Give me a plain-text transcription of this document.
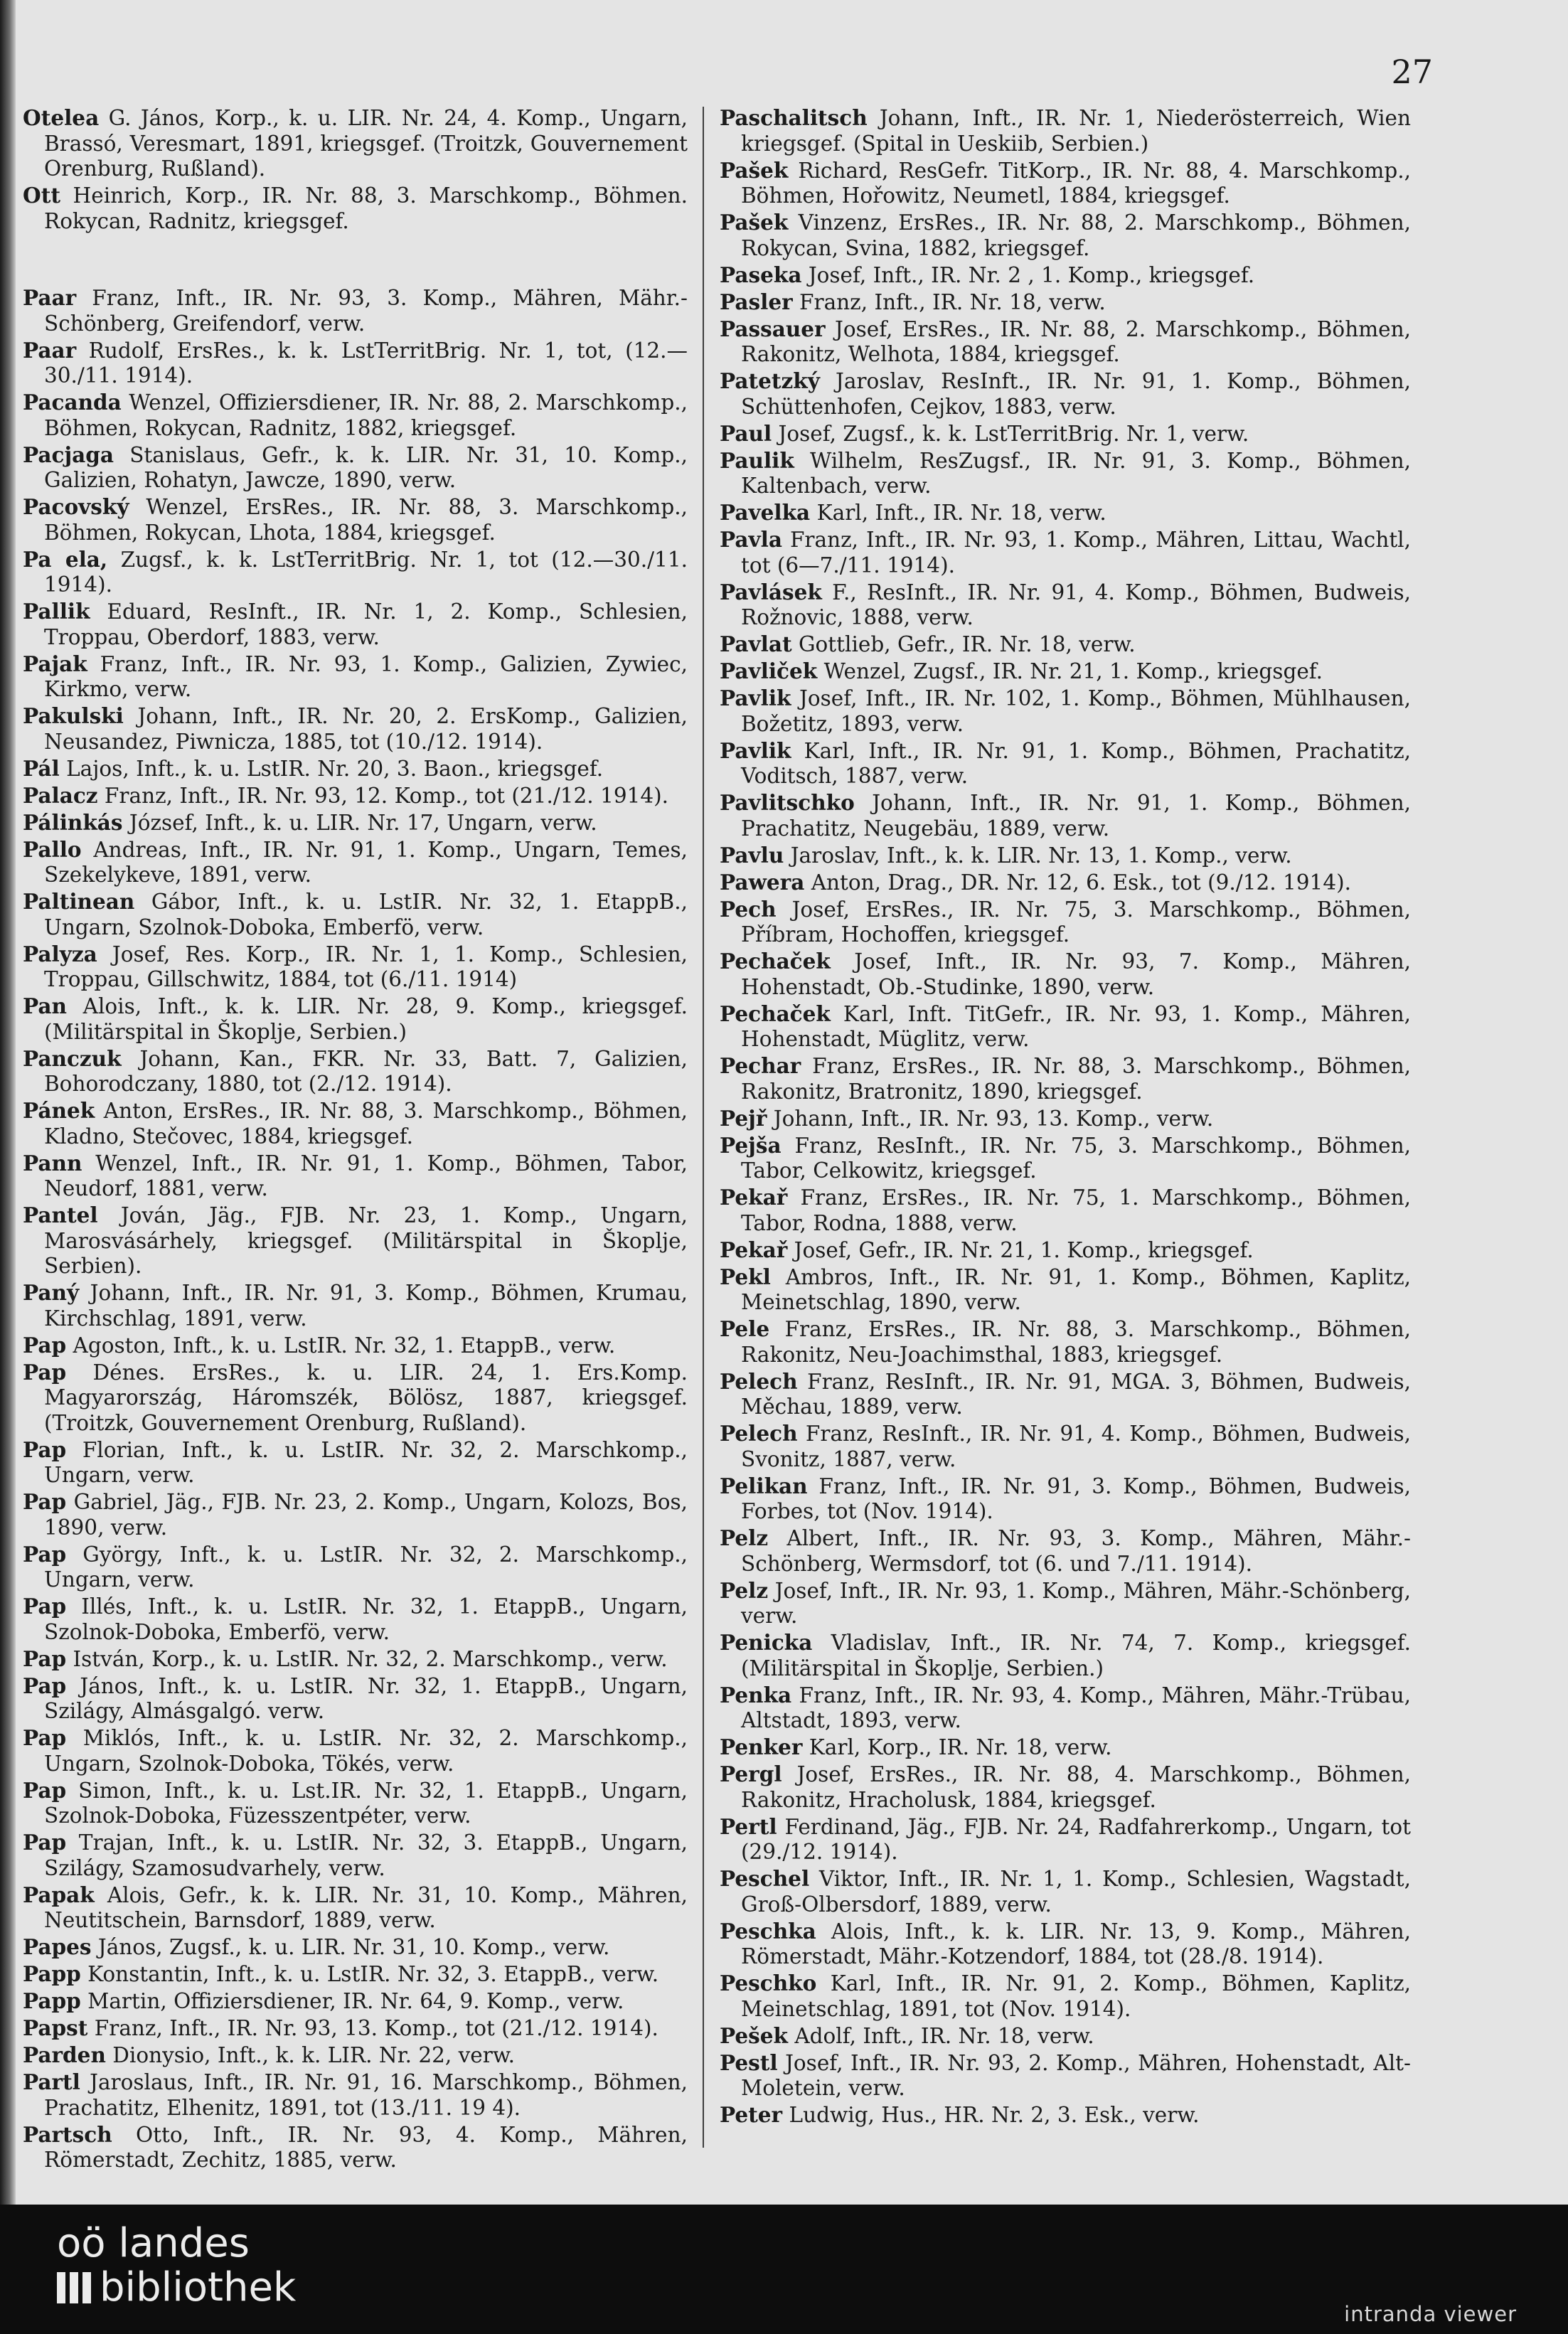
27

Otelea G. János, Korp., k. u. LIR. Nr. 24, 4. Komp., Ungarn, Brassó, Veresmart, 1891, kriegsgef. (Troitzk, Gouvernement Orenburg, Rußland).

Ott Heinrich, Korp., IR. Nr. 88, 3. Marschkomp., Böhmen. Rokycan, Radnitz, kriegsgef.

Paar Franz, Inft., IR. Nr. 93, 3. Komp., Mähren, Mähr.-Schönberg, Greifendorf, verw.

Paar Rudolf, ErsRes., k. k. LstTerritBrig. Nr. 1, tot, (12.—30./11. 1914).

Pacanda Wenzel, Offiziersdiener, IR. Nr. 88, 2. Marschkomp., Böhmen, Rokycan, Radnitz, 1882, kriegsgef.

Pacjaga Stanislaus, Gefr., k. k. LIR. Nr. 31, 10. Komp., Galizien, Rohatyn, Jawcze, 1890, verw.

Pacovský Wenzel, ErsRes., IR. Nr. 88, 3. Marschkomp., Böhmen, Rokycan, Lhota, 1884, kriegsgef.

Pa ela, Zugsf., k. k. LstTerritBrig. Nr. 1, tot (12.—30./11. 1914).

Pallik Eduard, ResInft., IR. Nr. 1, 2. Komp., Schlesien, Troppau, Oberdorf, 1883, verw.

Pajak Franz, Inft., IR. Nr. 93, 1. Komp., Galizien, Zywiec, Kirkmo, verw.

Pakulski Johann, Inft., IR. Nr. 20, 2. ErsKomp., Galizien, Neusandez, Piwnicza, 1885, tot (10./12. 1914).

Pál Lajos, Inft., k. u. LstIR. Nr. 20, 3. Baon., kriegsgef.

Palacz Franz, Inft., IR. Nr. 93, 12. Komp., tot (21./12. 1914).

Pálinkás József, Inft., k. u. LIR. Nr. 17, Ungarn, verw.

Pallo Andreas, Inft., IR. Nr. 91, 1. Komp., Ungarn, Temes, Szekelykeve, 1891, verw.

Paltinean Gábor, Inft., k. u. LstIR. Nr. 32, 1. EtappB., Ungarn, Szolnok-Doboka, Emberfö, verw.

Palyza Josef, Res. Korp., IR. Nr. 1, 1. Komp., Schlesien, Troppau, Gillschwitz, 1884, tot (6./11. 1914)

Pan Alois, Inft., k. k. LIR. Nr. 28, 9. Komp., kriegsgef. (Militärspital in Škoplje, Serbien.)

Panczuk Johann, Kan., FKR. Nr. 33, Batt. 7, Galizien, Bohorodczany, 1880, tot (2./12. 1914).

Pánek Anton, ErsRes., IR. Nr. 88, 3. Marschkomp., Böhmen, Kladno, Stečovec, 1884, kriegsgef.

Pann Wenzel, Inft., IR. Nr. 91, 1. Komp., Böhmen, Tabor, Neudorf, 1881, verw.

Pantel Jován, Jäg., FJB. Nr. 23, 1. Komp., Ungarn, Marosvásárhely, kriegsgef. (Militärspital in Škoplje, Serbien).

Paný Johann, Inft., IR. Nr. 91, 3. Komp., Böhmen, Krumau, Kirchschlag, 1891, verw.

Pap Agoston, Inft., k. u. LstIR. Nr. 32, 1. EtappB., verw.

Pap Dénes. ErsRes., k. u. LIR. 24, 1. Ers.Komp. Magyarország, Háromszék, Bölösz, 1887, kriegsgef. (Troitzk, Gouvernement Orenburg, Rußland).

Pap Florian, Inft., k. u. LstIR. Nr. 32, 2. Marschkomp., Ungarn, verw.

Pap Gabriel, Jäg., FJB. Nr. 23, 2. Komp., Ungarn, Kolozs, Bos, 1890, verw.

Pap György, Inft., k. u. LstIR. Nr. 32, 2. Marschkomp., Ungarn, verw.

Pap Illés, Inft., k. u. LstIR. Nr. 32, 1. EtappB., Ungarn, Szolnok-Doboka, Emberfö, verw.

Pap István, Korp., k. u. LstIR. Nr. 32, 2. Marschkomp., verw.

Pap János, Inft., k. u. LstIR. Nr. 32, 1. EtappB., Ungarn, Szilágy, Almásgalgó. verw.

Pap Miklós, Inft., k. u. LstIR. Nr. 32, 2. Marschkomp., Ungarn, Szolnok-Doboka, Tökés, verw.

Pap Simon, Inft., k. u. Lst.IR. Nr. 32, 1. EtappB., Ungarn, Szolnok-Doboka, Füzesszentpéter, verw.

Pap Trajan, Inft., k. u. LstIR. Nr. 32, 3. EtappB., Ungarn, Szilágy, Szamosudvarhely, verw.

Papak Alois, Gefr., k. k. LIR. Nr. 31, 10. Komp., Mähren, Neutitschein, Barnsdorf, 1889, verw.

Papes János, Zugsf., k. u. LIR. Nr. 31, 10. Komp., verw.

Papp Konstantin, Inft., k. u. LstIR. Nr. 32, 3. EtappB., verw.

Papp Martin, Offiziersdiener, IR. Nr. 64, 9. Komp., verw.

Papst Franz, Inft., IR. Nr. 93, 13. Komp., tot (21./12. 1914).

Parden Dionysio, Inft., k. k. LIR. Nr. 22, verw.

Partl Jaroslaus, Inft., IR. Nr. 91, 16. Marschkomp., Böhmen, Prachatitz, Elhenitz, 1891, tot (13./11. 19 4).

Partsch Otto, Inft., IR. Nr. 93, 4. Komp., Mähren, Römerstadt, Zechitz, 1885, verw.

Paschalitsch Johann, Inft., IR. Nr. 1, Niederösterreich, Wien kriegsgef. (Spital in Ueskiib, Serbien.)

Pašek Richard, ResGefr. TitKorp., IR. Nr. 88, 4. Marschkomp., Böhmen, Hořowitz, Neumetl, 1884, kriegsgef.

Pašek Vinzenz, ErsRes., IR. Nr. 88, 2. Marschkomp., Böhmen, Rokycan, Svina, 1882, kriegsgef.

Paseka Josef, Inft., IR. Nr. 2 , 1. Komp., kriegsgef.

Pasler Franz, Inft., IR. Nr. 18, verw.

Passauer Josef, ErsRes., IR. Nr. 88, 2. Marschkomp., Böhmen, Rakonitz, Welhota, 1884, kriegsgef.

Patetzký Jaroslav, ResInft., IR. Nr. 91, 1. Komp., Böhmen, Schüttenhofen, Cejkov, 1883, verw.

Paul Josef, Zugsf., k. k. LstTerritBrig. Nr. 1, verw.

Paulik Wilhelm, ResZugsf., IR. Nr. 91, 3. Komp., Böhmen, Kaltenbach, verw.

Pavelka Karl, Inft., IR. Nr. 18, verw.

Pavla Franz, Inft., IR. Nr. 93, 1. Komp., Mähren, Littau, Wachtl, tot (6—7./11. 1914).

Pavlásek F., ResInft., IR. Nr. 91, 4. Komp., Böhmen, Budweis, Rožnovic, 1888, verw.

Pavlat Gottlieb, Gefr., IR. Nr. 18, verw.

Pavliček Wenzel, Zugsf., IR. Nr. 21, 1. Komp., kriegsgef.

Pavlik Josef, Inft., IR. Nr. 102, 1. Komp., Böhmen, Mühlhausen, Božetitz, 1893, verw.

Pavlik Karl, Inft., IR. Nr. 91, 1. Komp., Böhmen, Prachatitz, Voditsch, 1887, verw.

Pavlitschko Johann, Inft., IR. Nr. 91, 1. Komp., Böhmen, Prachatitz, Neugebäu, 1889, verw.

Pavlu Jaroslav, Inft., k. k. LIR. Nr. 13, 1. Komp., verw.

Pawera Anton, Drag., DR. Nr. 12, 6. Esk., tot (9./12. 1914).

Pech Josef, ErsRes., IR. Nr. 75, 3. Marschkomp., Böhmen, Příbram, Hochoffen, kriegsgef.

Pechaček Josef, Inft., IR. Nr. 93, 7. Komp., Mähren, Hohenstadt, Ob.-Studinke, 1890, verw.

Pechaček Karl, Inft. TitGefr., IR. Nr. 93, 1. Komp., Mähren, Hohenstadt, Müglitz, verw.

Pechar Franz, ErsRes., IR. Nr. 88, 3. Marschkomp., Böhmen, Rakonitz, Bratronitz, 1890, kriegsgef.

Pejř Johann, Inft., IR. Nr. 93, 13. Komp., verw.

Pejša Franz, ResInft., IR. Nr. 75, 3. Marschkomp., Böhmen, Tabor, Celkowitz, kriegsgef.

Pekař Franz, ErsRes., IR. Nr. 75, 1. Marschkomp., Böhmen, Tabor, Rodna, 1888, verw.

Pekař Josef, Gefr., IR. Nr. 21, 1. Komp., kriegsgef.

Pekl Ambros, Inft., IR. Nr. 91, 1. Komp., Böhmen, Kaplitz, Meinetschlag, 1890, verw.

Pele Franz, ErsRes., IR. Nr. 88, 3. Marschkomp., Böhmen, Rakonitz, Neu-Joachimsthal, 1883, kriegsgef.

Pelech Franz, ResInft., IR. Nr. 91, MGA. 3, Böhmen, Budweis, Měchau, 1889, verw.

Pelech Franz, ResInft., IR. Nr. 91, 4. Komp., Böhmen, Budweis, Svonitz, 1887, verw.

Pelikan Franz, Inft., IR. Nr. 91, 3. Komp., Böhmen, Budweis, Forbes, tot (Nov. 1914).

Pelz Albert, Inft., IR. Nr. 93, 3. Komp., Mähren, Mähr.-Schönberg, Wermsdorf, tot (6. und 7./11. 1914).

Pelz Josef, Inft., IR. Nr. 93, 1. Komp., Mähren, Mähr.-Schönberg, verw.

Penicka Vladislav, Inft., IR. Nr. 74, 7. Komp., kriegsgef. (Militärspital in Škoplje, Serbien.)

Penka Franz, Inft., IR. Nr. 93, 4. Komp., Mähren, Mähr.-Trübau, Altstadt, 1893, verw.

Penker Karl, Korp., IR. Nr. 18, verw.

Pergl Josef, ErsRes., IR. Nr. 88, 4. Marschkomp., Böhmen, Rakonitz, Hracholusk, 1884, kriegsgef.

Pertl Ferdinand, Jäg., FJB. Nr. 24, Radfahrerkomp., Ungarn, tot (29./12. 1914).

Peschel Viktor, Inft., IR. Nr. 1, 1. Komp., Schlesien, Wagstadt, Groß-Olbersdorf, 1889, verw.

Peschka Alois, Inft., k. k. LIR. Nr. 13, 9. Komp., Mähren, Römerstadt, Mähr.-Kotzendorf, 1884, tot (28./8. 1914).

Peschko Karl, Inft., IR. Nr. 91, 2. Komp., Böhmen, Kaplitz, Meinetschlag, 1891, tot (Nov. 1914).

Pešek Adolf, Inft., IR. Nr. 18, verw.

Pestl Josef, Inft., IR. Nr. 93, 2. Komp., Mähren, Hohenstadt, Alt-Moletein, verw.

Peter Ludwig, Hus., HR. Nr. 2, 3. Esk., verw.

oö landes
bibliothek
intranda viewer
